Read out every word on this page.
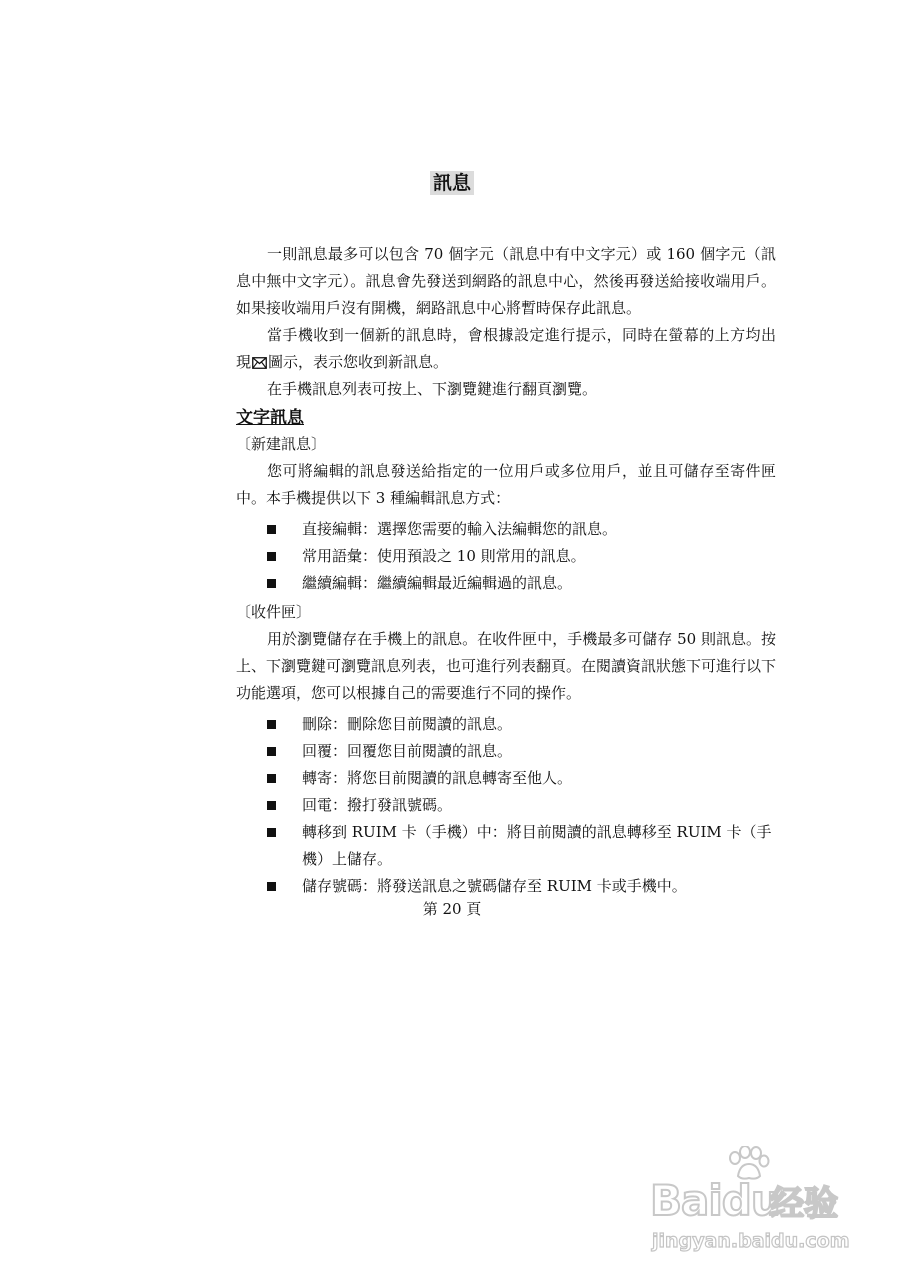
訊息

一則訊息最多可以包含 70 個字元（訊息中有中文字元）或 160 個字元（訊息中無中文字元）。訊息會先發送到網路的訊息中心，然後再發送給接收端用戶。如果接收端用戶沒有開機，網路訊息中心將暫時保存此訊息。

當手機收到一個新的訊息時，會根據設定進行提示，同時在螢幕的上方均出現 圖示，表示您收到新訊息。

在手機訊息列表可按上、下瀏覽鍵進行翻頁瀏覽。

文字訊息
〔新建訊息〕

您可將編輯的訊息發送給指定的一位用戶或多位用戶，並且可儲存至寄件匣中。本手機提供以下 3 種編輯訊息方式：

直接編輯：選擇您需要的輸入法編輯您的訊息。
常用語彙：使用預設之 10 則常用的訊息。
繼續編輯：繼續編輯最近編輯過的訊息。
〔收件匣〕

用於瀏覽儲存在手機上的訊息。在收件匣中，手機最多可儲存 50 則訊息。按上、下瀏覽鍵可瀏覽訊息列表，也可進行列表翻頁。在閱讀資訊狀態下可進行以下功能選項，您可以根據自己的需要進行不同的操作。

刪除：刪除您目前閱讀的訊息。
回覆：回覆您目前閱讀的訊息。
轉寄：將您目前閱讀的訊息轉寄至他人。
回電：撥打發訊號碼。
轉移到 RUIM 卡（手機）中：將目前閱讀的訊息轉移至 RUIM 卡（手機）上儲存。
儲存號碼：將發送訊息之號碼儲存至 RUIM 卡或手機中。
第 20 頁
Baidu
经验
jingyan.baidu.com
